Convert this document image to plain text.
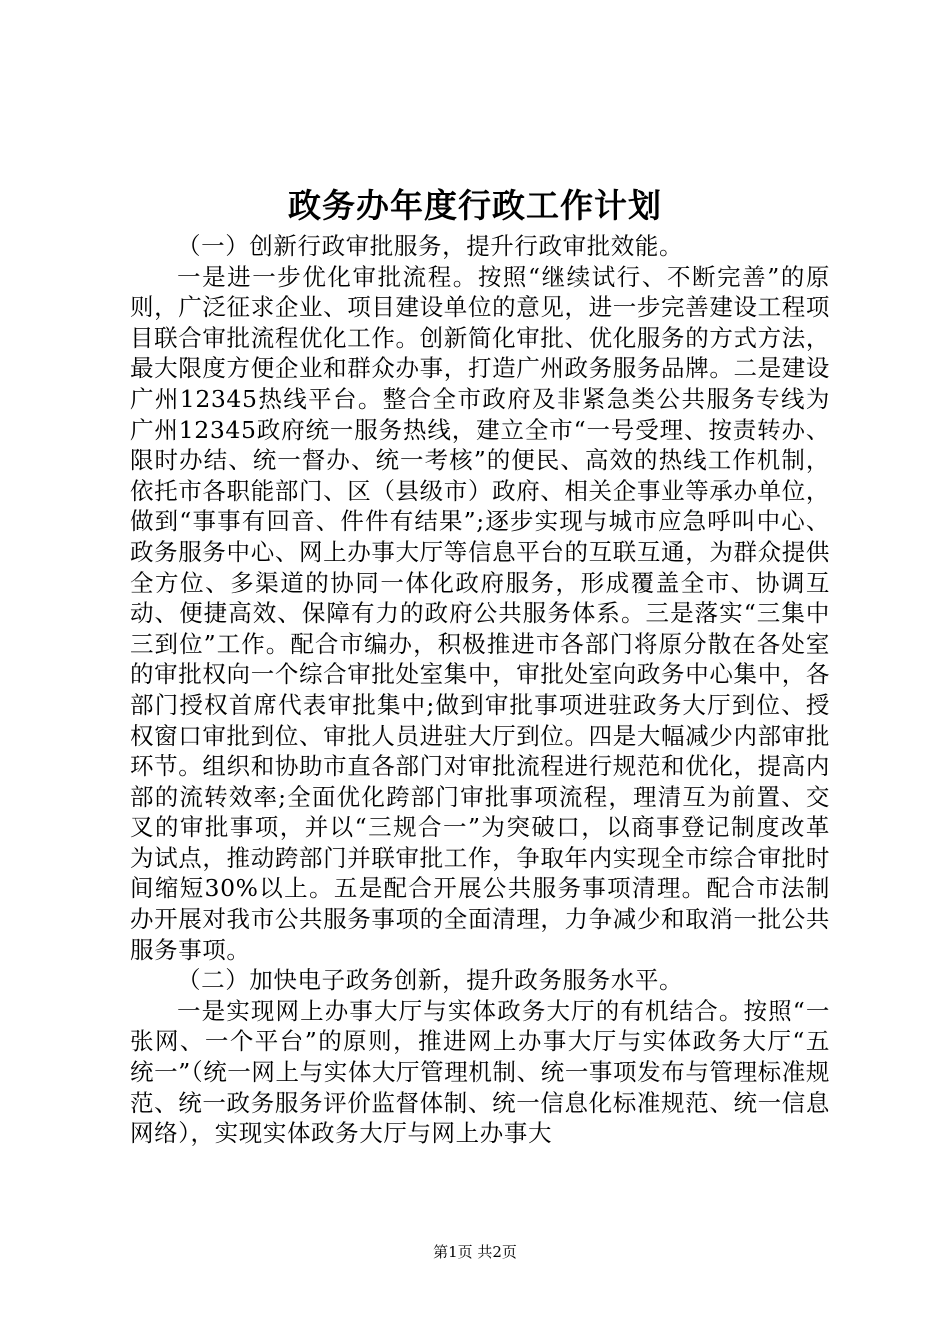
政务办年度行政工作计划

（一）创新行政审批服务，提升行政审批效能。

一是进一步优化审批流程。按照“继续试行、不断完善”的原则，广泛征求企业、项目建设单位的意见，进一步完善建设工程项目联合审批流程优化工作。创新简化审批、优化服务的方式方法，最大限度方便企业和群众办事，打造广州政务服务品牌。二是建设广州12345热线平台。整合全市政府及非紧急类公共服务专线为广州12345政府统一服务热线，建立全市“一号受理、按责转办、限时办结、统一督办、统一考核”的便民、高效的热线工作机制，依托市各职能部门、区（县级市）政府、相关企事业等承办单位，做到“事事有回音、件件有结果”;逐步实现与城市应急呼叫中心、政务服务中心、网上办事大厅等信息平台的互联互通，为群众提供全方位、多渠道的协同一体化政府服务，形成覆盖全市、协调互动、便捷高效、保障有力的政府公共服务体系。三是落实“三集中三到位”工作。配合市编办，积极推进市各部门将原分散在各处室的审批权向一个综合审批处室集中，审批处室向政务中心集中，各部门授权首席代表审批集中;做到审批事项进驻政务大厅到位、授权窗口审批到位、审批人员进驻大厅到位。四是大幅减少内部审批环节。组织和协助市直各部门对审批流程进行规范和优化，提高内部的流转效率;全面优化跨部门审批事项流程，理清互为前置、交叉的审批事项，并以“三规合一”为突破口，以商事登记制度改革为试点，推动跨部门并联审批工作，争取年内实现全市综合审批时间缩短30%以上。五是配合开展公共服务事项清理。配合市法制办开展对我市公共服务事项的全面清理，力争减少和取消一批公共服务事项。

（二）加快电子政务创新，提升政务服务水平。

一是实现网上办事大厅与实体政务大厅的有机结合。按照“一张网、一个平台”的原则，推进网上办事大厅与实体政务大厅“五统一”（统一网上与实体大厅管理机制、统一事项发布与管理标准规范、统一政务服务评价监督体制、统一信息化标准规范、统一信息网络），实现实体政务大厅与网上办事大

第1页 共2页
